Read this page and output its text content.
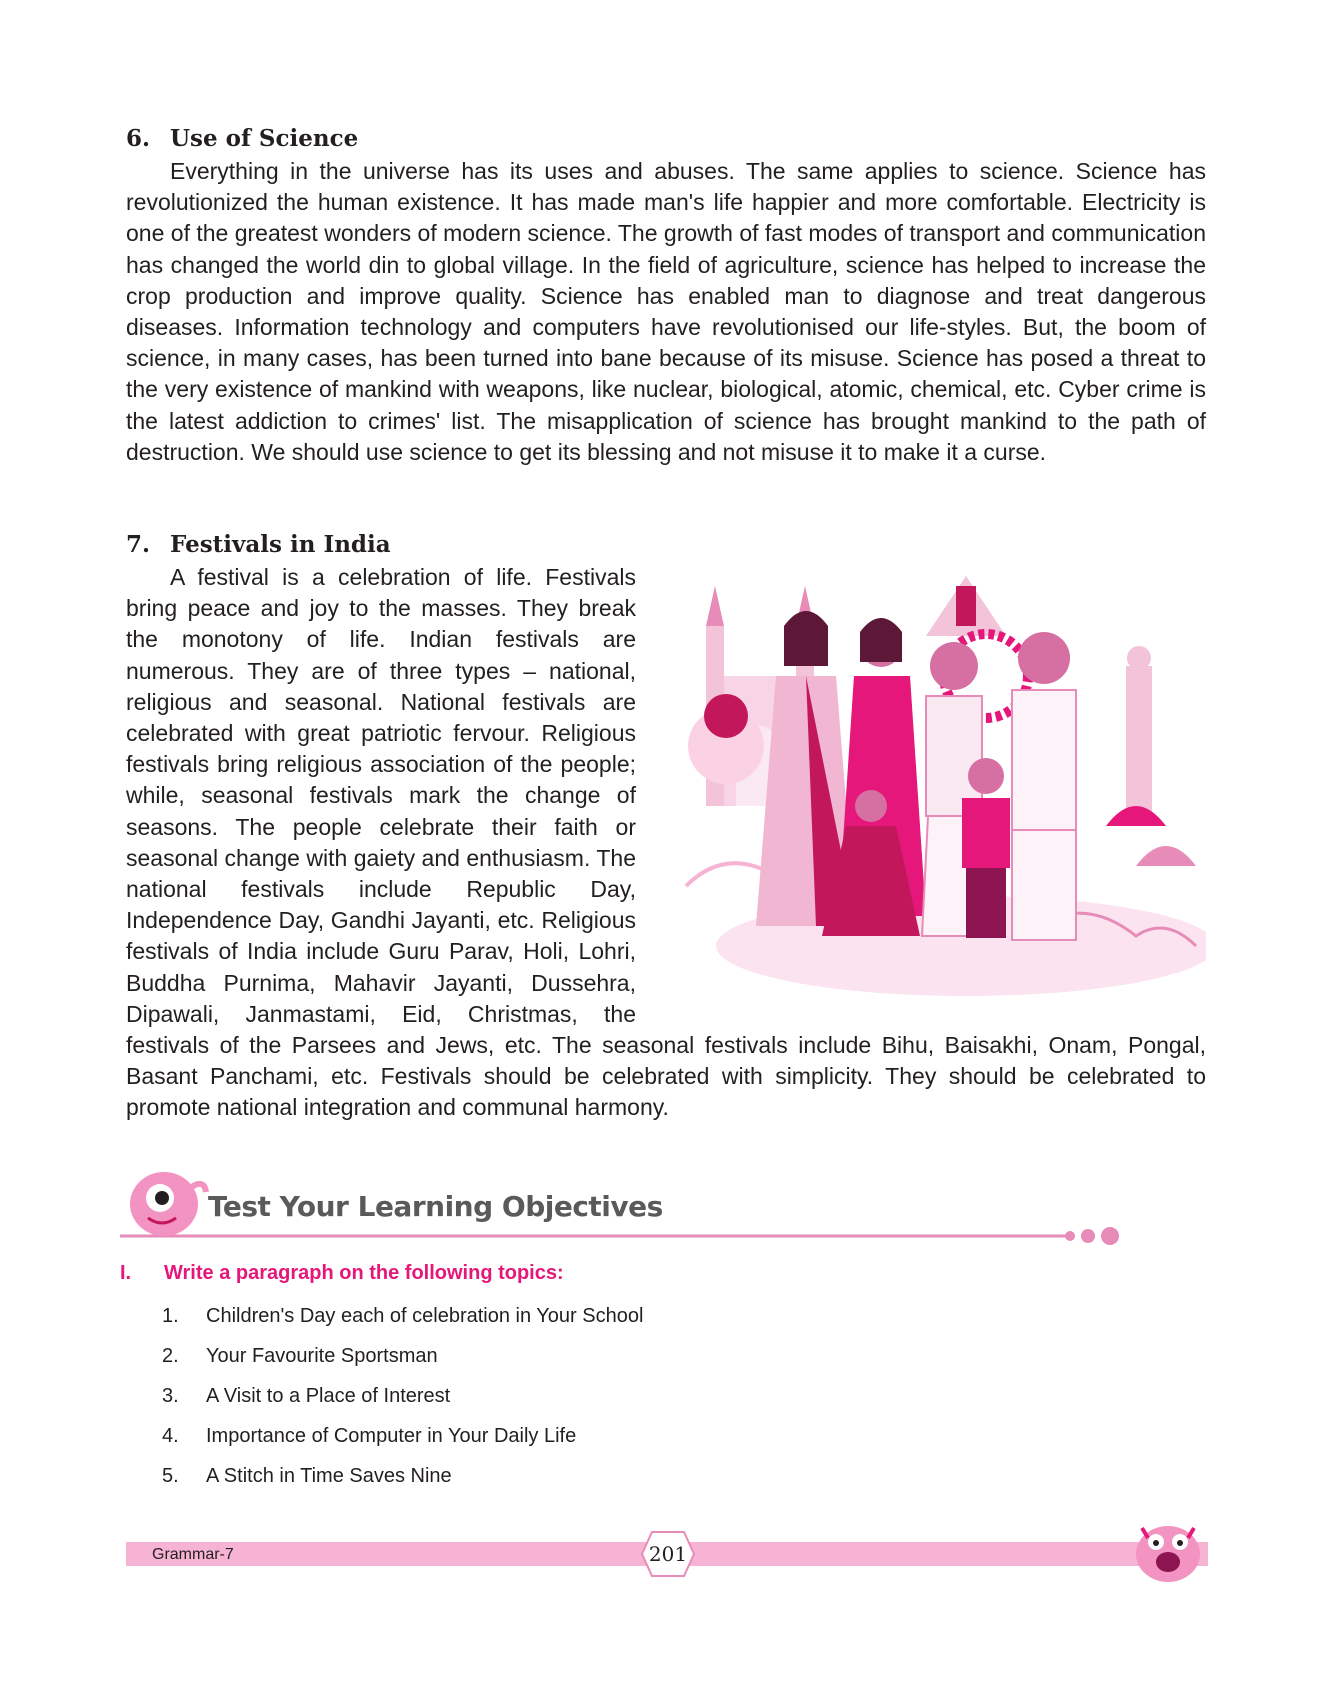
6. Use of Science

Everything in the universe has its uses and abuses. The same applies to science. Science has revolutionized the human existence. It has made man's life happier and more comfortable. Electricity is one of the greatest wonders of modern science. The growth of fast modes of transport and communication has changed the world din to global village. In the field of agriculture, science has helped to increase the crop production and improve quality. Science has enabled man to diagnose and treat dangerous diseases. Information technology and computers have revolutionised our life-styles. But, the boom of science, in many cases, has been turned into bane because of its misuse. Science has posed a threat to the very existence of mankind with weapons, like nuclear, biological, atomic, chemical, etc. Cyber crime is the latest addiction to crimes' list. The misapplication of science has brought mankind to the path of destruction. We should use science to get its blessing and not misuse it to make it a curse.

7. Festivals in India

A festival is a celebration of life. Festivals bring peace and joy to the masses. They break the monotony of life. Indian festivals are numerous. They are of three types – national, religious and seasonal. National festivals are celebrated with great patriotic fervour. Religious festivals bring religious association of the people; while, seasonal festivals mark the change of seasons. The people celebrate their faith or seasonal change with gaiety and enthusiasm. The national festivals include Republic Day, Independence Day, Gandhi Jayanti, etc. Religious festivals of India include Guru Parav, Holi, Lohri, Buddha Purnima, Mahavir Jayanti, Dussehra, Dipawali, Janmastami, Eid, Christmas, the festivals of the Parsees and Jews, etc. The seasonal festivals include Bihu, Baisakhi, Onam, Pongal, Basant Panchami, etc. Festivals should be celebrated with simplicity. They should be celebrated to promote national integration and communal harmony.

Test Your Learning Objectives
I.	Write a paragraph on the following topics:
1.	Children's Day each of celebration in Your School
2.	Your Favourite Sportsman
3.	A Visit to a Place of Interest
4.	Importance of Computer in Your Daily Life
5.	A Stitch in Time Saves Nine
Grammar-7	201
